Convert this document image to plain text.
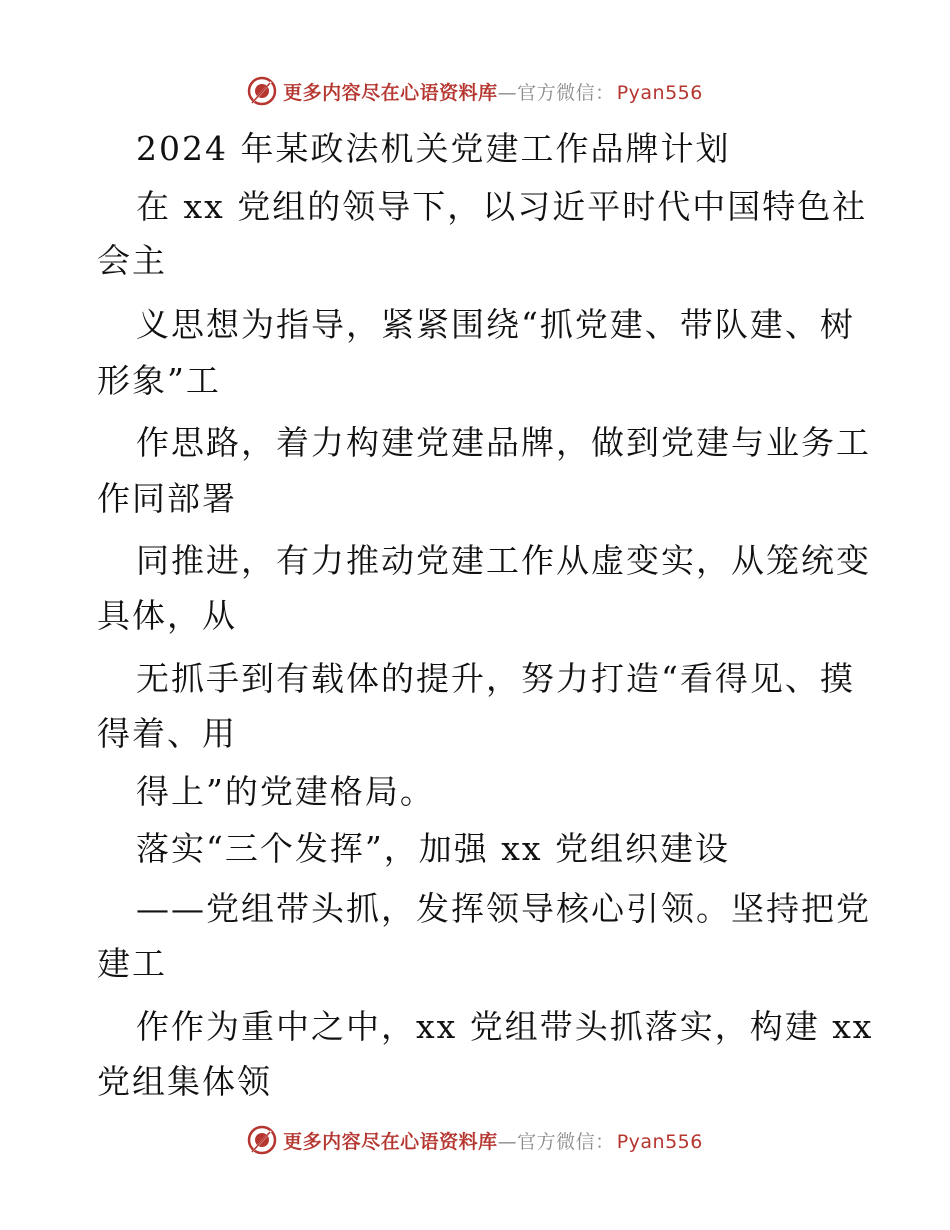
更多内容尽在心语资料库—官方微信： Pyan556
2024 年某政法机关党建工作品牌计划
在 xx 党组的领导下，以习近平时代中国特色社
会主
义思想为指导，紧紧围绕“抓党建、带队建、树
形象”工
作思路，着力构建党建品牌，做到党建与业务工
作同部署
同推进，有力推动党建工作从虚变实，从笼统变
具体，从
无抓手到有载体的提升，努力打造“看得见、摸
得着、用
得上”的党建格局。
落实“三个发挥”，加强 xx 党组织建设
——党组带头抓，发挥领导核心引领。坚持把党
建工
作作为重中之中，xx 党组带头抓落实，构建 xx
党组集体领
更多内容尽在心语资料库—官方微信： Pyan556
